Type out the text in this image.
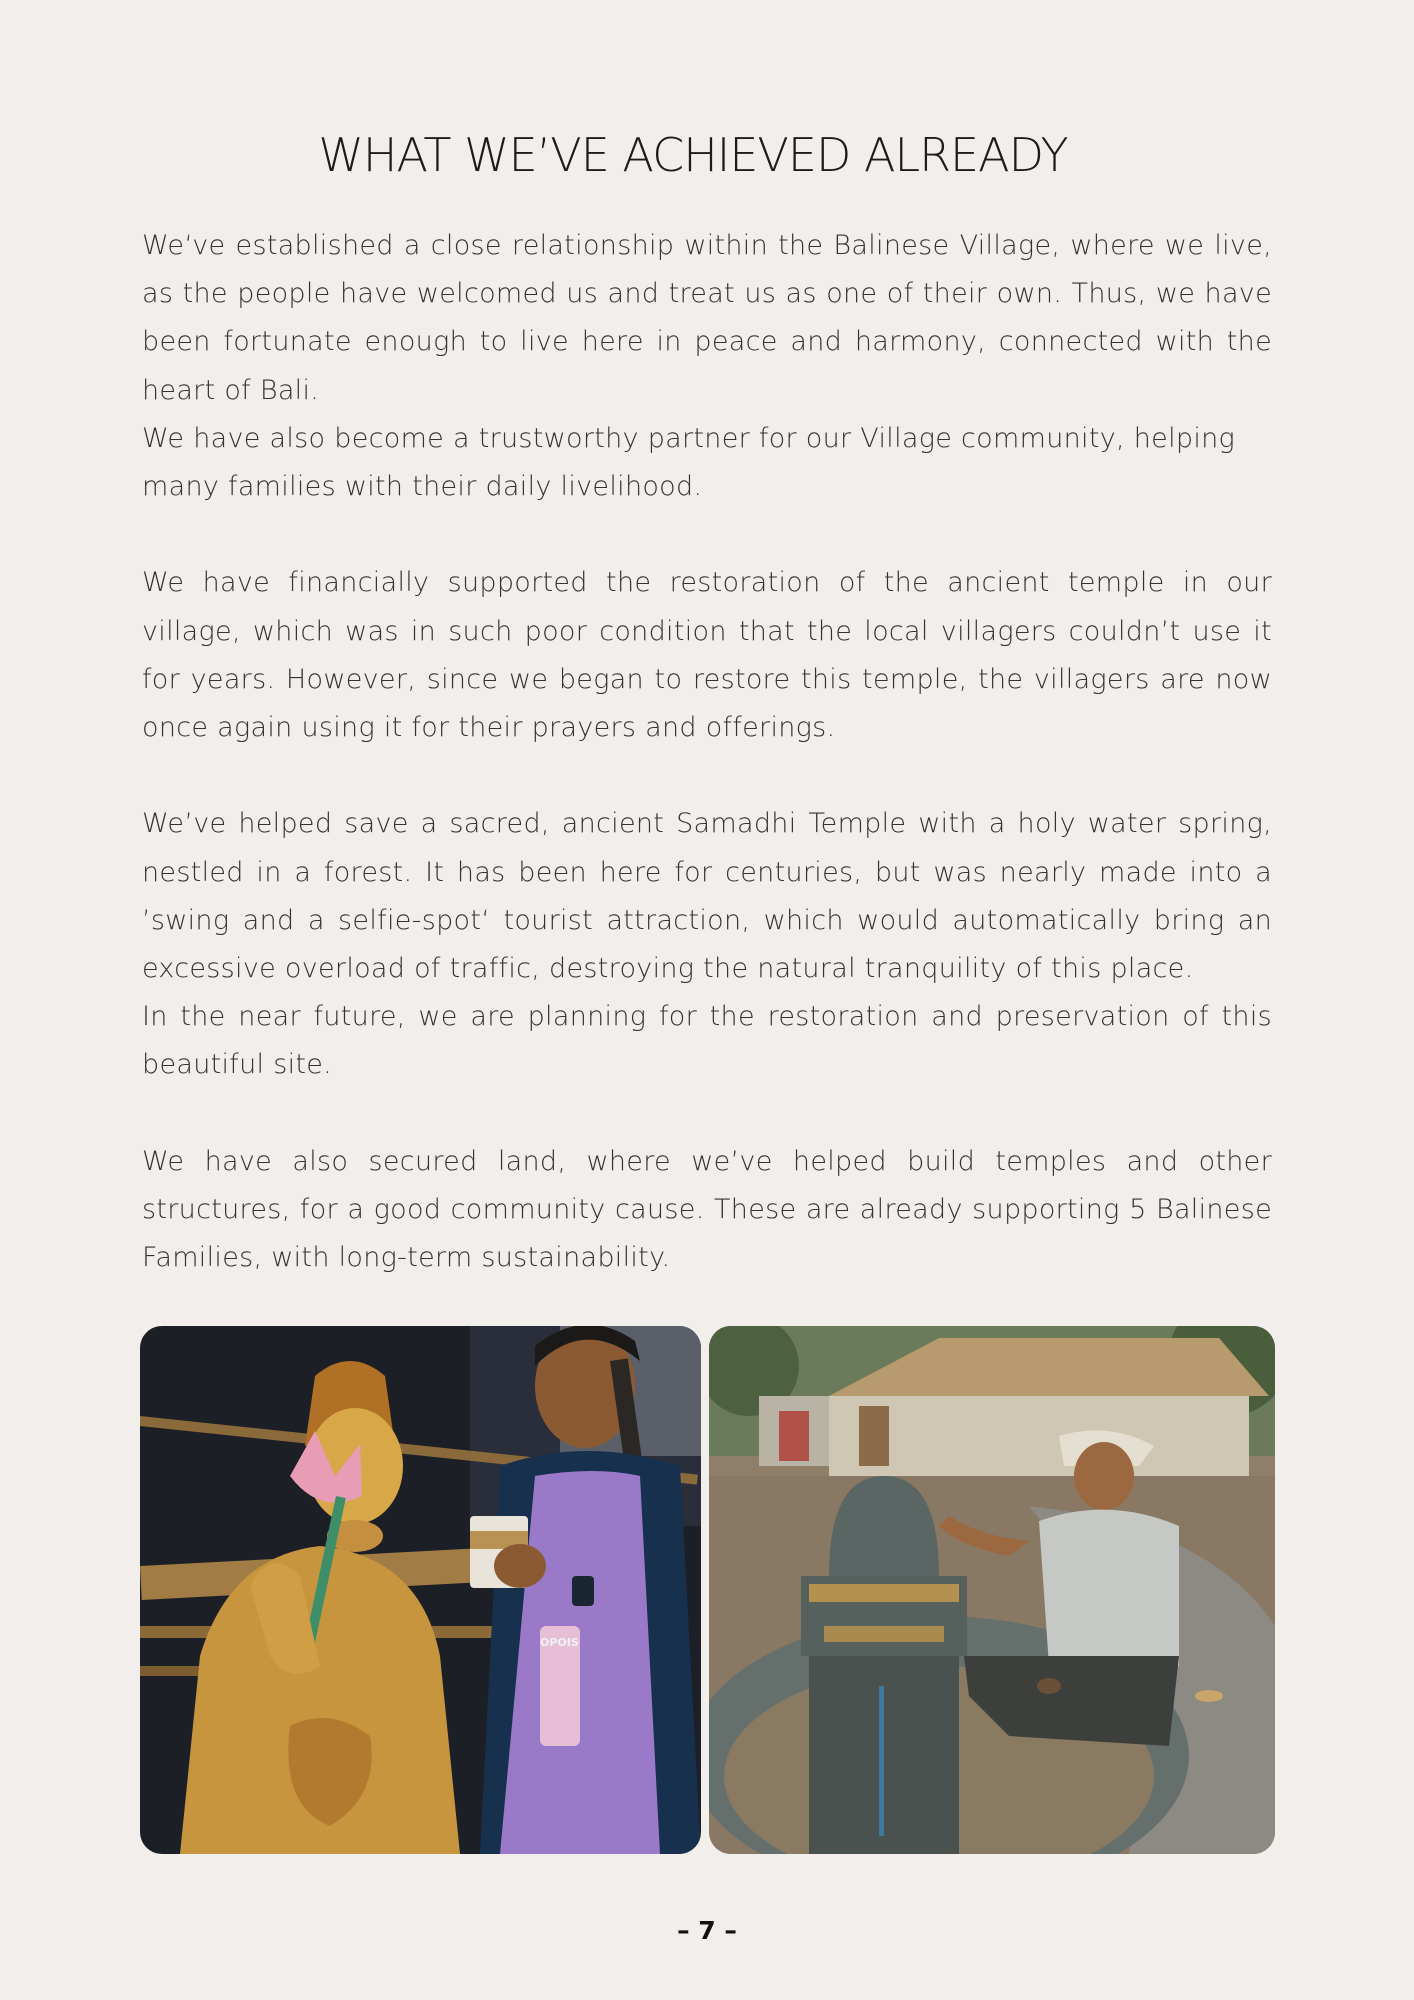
WHAT WE’VE ACHIEVED ALREADY

We‘ve established a close relationship within the Balinese Village, where we live, as the people have welcomed us and treat us as one of their own. Thus, we have been fortunate enough to live here in peace and harmony, connected with the heart of Bali.

We have also become a trustworthy partner for our Village community, helping many families with their daily livelihood.

We have financially supported the restoration of the ancient temple in our village, which was in such poor condition that the local villagers couldn’t use it for years. However, since we began to restore this temple, the villagers are now once again using it for their prayers and offerings.

We’ve helped save a sacred, ancient Samadhi Temple with a holy water spring, nestled in a forest. It has been here for centuries, but was nearly made into a ’swing and a selfie-spot‘ tourist attraction, which would automatically bring an excessive overload of traffic, destroying the natural tranquility of this place.

In the near future, we are planning for the restoration and preservation of this beautiful site.

We have also secured land, where we’ve helped build temples and other structures, for a good community cause. These are already supporting 5 Balinese Families, with long-term sustainability.

OPOIS
– 7 –
